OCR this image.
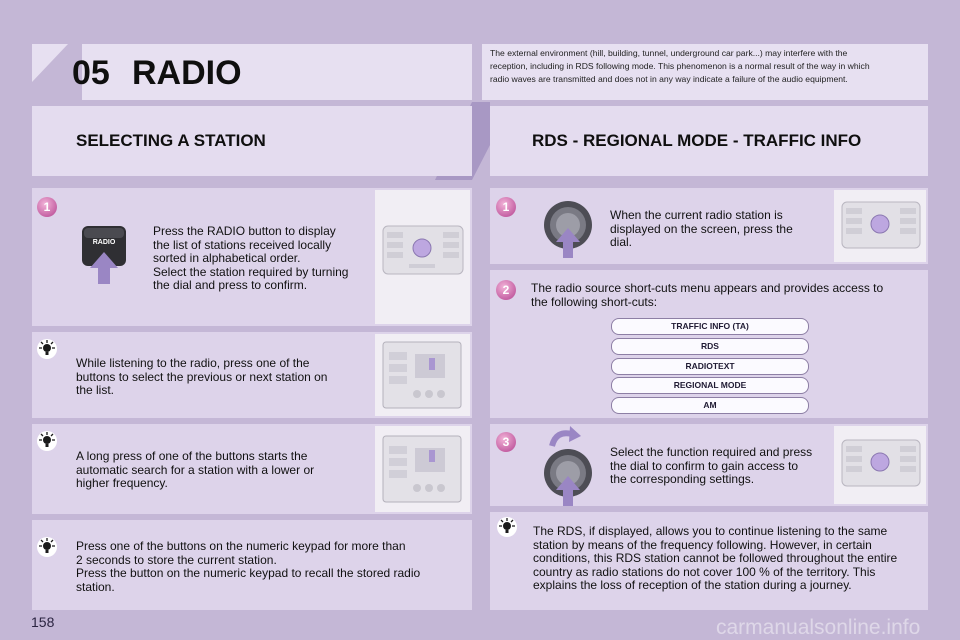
05 RADIO
The external environment (hill, building, tunnel, underground car park...) may interfere with the reception, including in RDS following mode. This phenomenon is a normal result of the way in which radio waves are transmitted and does not in any way indicate a failure of the audio equipment.
SELECTING A STATION	RDS - REGIONAL MODE - TRAFFIC INFO
1
RADIO
Press the RADIO button to display
the list of stations received locally
sorted in alphabetical order.
Select the station required by turning
the dial and press to confirm.
While listening to the radio, press one of the
buttons to select the previous or next station on
the list.
A long press of one of the buttons starts the
automatic search for a station with a lower or
higher frequency.
Press one of the buttons on the numeric keypad for more than
2 seconds to store the current station.
Press the button on the numeric keypad to recall the stored radio
station.
1
When the current radio station is
displayed on the screen, press the
dial.
2	The radio source short-cuts menu appears and provides access to
the following short-cuts:
TRAFFIC INFO (TA)
RDS
RADIOTEXT
REGIONAL MODE
AM
3
Select the function required and press
the dial to confirm to gain access to
the corresponding settings.
The RDS, if displayed, allows you to continue listening to the same
station by means of the frequency following. However, in certain
conditions, this RDS station cannot be followed throughout the entire
country as radio stations do not cover 100 % of the territory. This
explains the loss of reception of the station during a journey.
158	carmanualsonline.info
